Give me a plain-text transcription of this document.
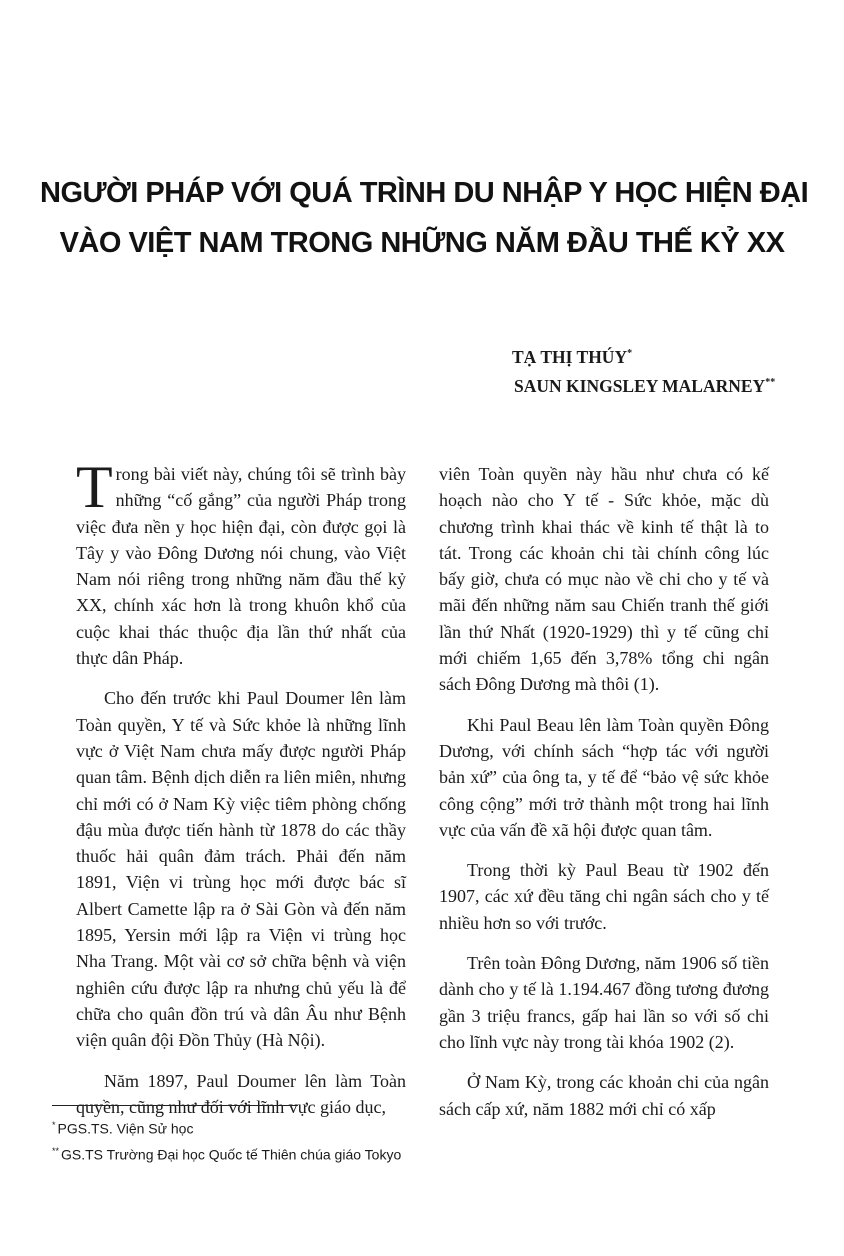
NGƯỜI PHÁP VỚI QUÁ TRÌNH DU NHẬP Y HỌC HIỆN ĐẠI
VÀO VIỆT NAM TRONG NHỮNG NĂM ĐẦU THẾ KỶ XX
TẠ THỊ THÚY*
SAUN KINGSLEY MALARNEY**

Trong bài viết này, chúng tôi sẽ trình bày những “cố gắng” của người Pháp trong việc đưa nền y học hiện đại, còn được gọi là Tây y vào Đông Dương nói chung, vào Việt Nam nói riêng trong những năm đầu thế kỷ XX, chính xác hơn là trong khuôn khổ của cuộc khai thác thuộc địa lần thứ nhất của thực dân Pháp.

Cho đến trước khi Paul Doumer lên làm Toàn quyền, Y tế và Sức khỏe là những lĩnh vực ở Việt Nam chưa mấy được người Pháp quan tâm. Bệnh dịch diễn ra liên miên, nhưng chỉ mới có ở Nam Kỳ việc tiêm phòng chống đậu mùa được tiến hành từ 1878 do các thầy thuốc hải quân đảm trách. Phải đến năm 1891, Viện vi trùng học mới được bác sĩ Albert Camette lập ra ở Sài Gòn và đến năm 1895, Yersin mới lập ra Viện vi trùng học Nha Trang. Một vài cơ sở chữa bệnh và viện nghiên cứu được lập ra nhưng chủ yếu là để chữa cho quân đồn trú và dân Âu như Bệnh viện quân đội Đồn Thủy (Hà Nội).

Năm 1897, Paul Doumer lên làm Toàn quyền, cũng như đối với lĩnh vực giáo dục,

viên Toàn quyền này hầu như chưa có kế hoạch nào cho Y tế - Sức khỏe, mặc dù chương trình khai thác về kinh tế thật là to tát. Trong các khoản chi tài chính công lúc bấy giờ, chưa có mục nào về chi cho y tế và mãi đến những năm sau Chiến tranh thế giới lần thứ Nhất (1920-1929) thì y tế cũng chỉ mới chiếm 1,65 đến 3,78% tổng chi ngân sách Đông Dương mà thôi (1).

Khi Paul Beau lên làm Toàn quyền Đông Dương, với chính sách “hợp tác với người bản xứ” của ông ta, y tế để “bảo vệ sức khỏe công cộng” mới trở thành một trong hai lĩnh vực của vấn đề xã hội được quan tâm.

Trong thời kỳ Paul Beau từ 1902 đến 1907, các xứ đều tăng chi ngân sách cho y tế nhiều hơn so với trước.

Trên toàn Đông Dương, năm 1906 số tiền dành cho y tế là 1.194.467 đồng tương đương gần 3 triệu francs, gấp hai lần so với số chi cho lĩnh vực này trong tài khóa 1902 (2).

Ở Nam Kỳ, trong các khoản chi của ngân sách cấp xứ, năm 1882 mới chỉ có xấp

* PGS.TS. Viện Sử học
** GS.TS Trường Đại học Quốc tế Thiên chúa giáo Tokyo
